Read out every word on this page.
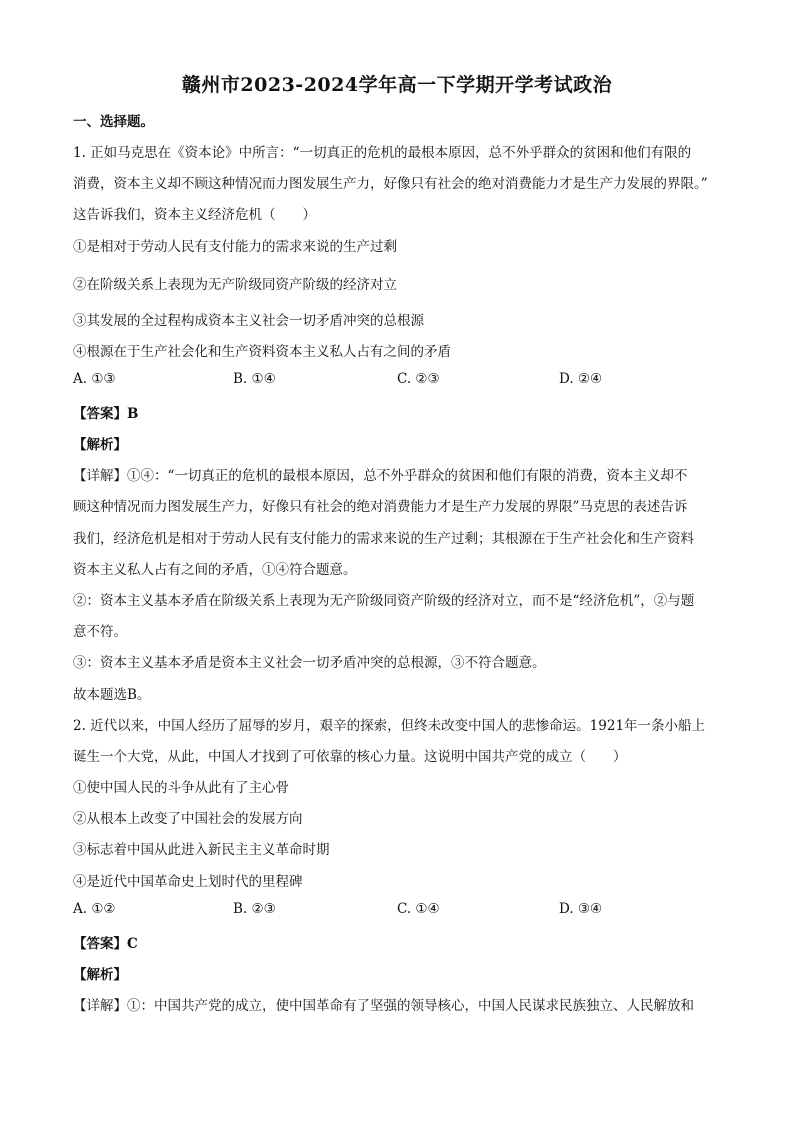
赣州市2023-2024学年高一下学期开学考试政治
一、选择题。
1. 正如马克思在《资本论》中所言：“一切真正的危机的最根本原因，总不外乎群众的贫困和他们有限的
消费，资本主义却不顾这种情况而力图发展生产力，好像只有社会的绝对消费能力才是生产力发展的界限。”
这告诉我们，资本主义经济危机（　　）
①是相对于劳动人民有支付能力的需求来说的生产过剩
②在阶级关系上表现为无产阶级同资产阶级的经济对立
③其发展的全过程构成资本主义社会一切矛盾冲突的总根源
④根源在于生产社会化和生产资料资本主义私人占有之间的矛盾
A. ①③	B. ①④	C. ②③	D. ②④
【答案】B
【解析】
【详解】①④：“一切真正的危机的最根本原因，总不外乎群众的贫困和他们有限的消费，资本主义却不
顾这种情况而力图发展生产力，好像只有社会的绝对消费能力才是生产力发展的界限”马克思的表述告诉
我们，经济危机是相对于劳动人民有支付能力的需求来说的生产过剩；其根源在于生产社会化和生产资料
资本主义私人占有之间的矛盾，①④符合题意。
②：资本主义基本矛盾在阶级关系上表现为无产阶级同资产阶级的经济对立，而不是“经济危机”，②与题
意不符。
③：资本主义基本矛盾是资本主义社会一切矛盾冲突的总根源，③不符合题意。
故本题选B。
2. 近代以来，中国人经历了屈辱的岁月，艰辛的探索，但终未改变中国人的悲惨命运。1921年一条小船上
诞生一个大党，从此，中国人才找到了可依靠的核心力量。这说明中国共产党的成立（　　）
①使中国人民的斗争从此有了主心骨
②从根本上改变了中国社会的发展方向
③标志着中国从此进入新民主主义革命时期
④是近代中国革命史上划时代的里程碑
A. ①②	B. ②③	C. ①④	D. ③④
【答案】C
【解析】
【详解】①：中国共产党的成立，使中国革命有了坚强的领导核心，中国人民谋求民族独立、人民解放和
